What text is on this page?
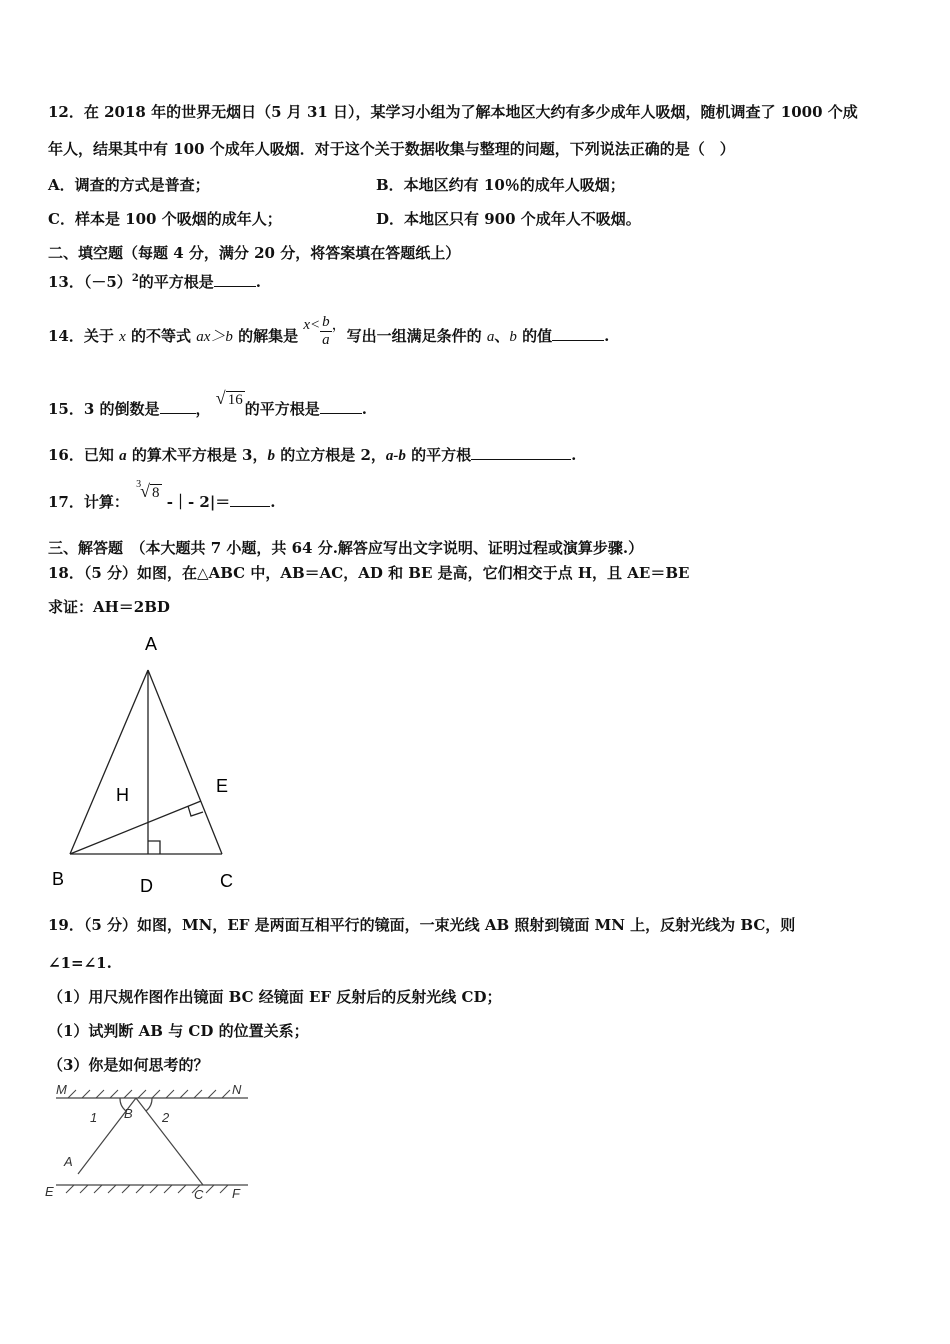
12．在 2018 年的世界无烟日（5 月 31 日），某学习小组为了解本地区大约有多少成年人吸烟，随机调查了 1000 个成
年人，结果其中有 100 个成年人吸烟．对于这个关于数据收集与整理的问题，下列说法正确的是（　）
A．调查的方式是普查；	B．本地区约有 10％的成年人吸烟；
C．样本是 100 个吸烟的成年人；	D．本地区只有 900 个成年人不吸烟。
二、填空题（每题 4 分，满分 20 分，将答案填在答题纸上）
13．$(-5)^2$的平方根是	.
14．关于 x 的不等式 ax＞b 的解集是 $x< \frac{b}{a}$ ，写出一组满足条件的 a、b 的值	.
15．3 的倒数是 ， √ 16 的平方根是	.
16．已知 a 的算术平方根是 3，b 的立方根是 2，a-b 的平方根	.
17．计算：
3 √ 8 -｜- 2|＝	.
三、解答题　（本大题共 7 小题，共 64 分.解答应写出文字说明、证明过程或演算步骤.）
18．（5 分）如图，在△ABC 中，AB＝AC，AD 和 BE 是高，它们相交于点 H，且 AE＝BE
求证：AH＝2BD
A
B	C
D
E
H
19．（5 分）如图，MN，EF 是两面互相平行的镜面，一束光线 AB 照射到镜面 MN 上，反射光线为 BC，则
∠1=∠1.
（1）用尺规作图作出镜面 BC 经镜面 EF 反射后的反射光线 CD；
（1）试判断 AB 与 CD 的位置关系；
（3）你是如何思考的？
M	N
E	F
A
B
C
1	2
